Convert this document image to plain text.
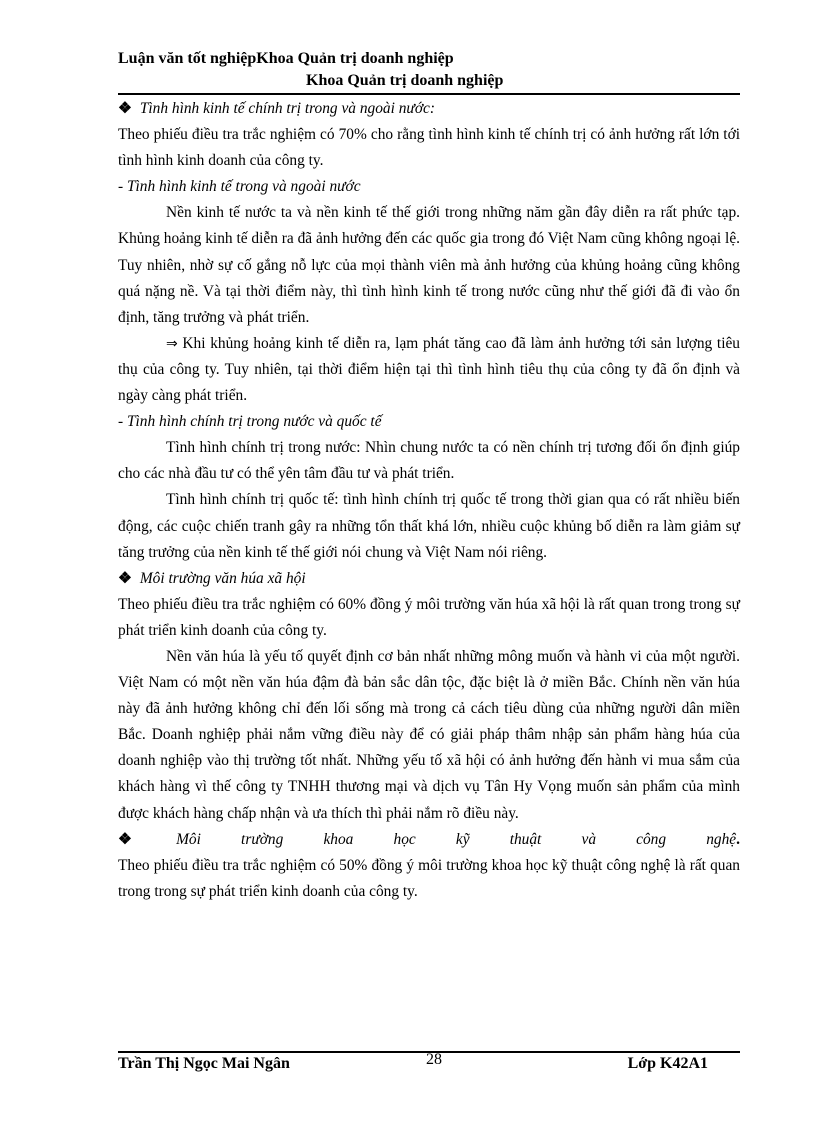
Luận văn tốt nghiệpKhoa Quản trị doanh nghiệp
Khoa Quản trị doanh nghiệp

❖ Tình hình kinh tế chính trị trong và ngoài nước:

Theo phiếu điều tra trắc nghiệm có 70% cho rằng tình hình kinh tế chính trị có ảnh hưởng rất lớn tới tình hình kinh doanh của công ty.

- Tình hình kinh tế trong và ngoài nước

Nền kinh tế nước ta và nền kinh tế thế giới trong những năm gần đây diễn ra rất phức tạp. Khủng hoảng kinh tế diễn ra đã ảnh hưởng đến các quốc gia trong đó Việt Nam cũng không ngoại lệ. Tuy nhiên, nhờ sự cố gắng nỗ lực của mọi thành viên mà ảnh hưởng của khủng hoảng cũng không quá nặng nề. Và tại thời điểm này, thì tình hình kinh tế trong nước cũng như thế giới đã đi vào ổn định, tăng trưởng và phát triển.

⇒ Khi khủng hoảng kinh tế diễn ra, lạm phát tăng cao đã làm ảnh hưởng tới sản lượng tiêu thụ của công ty. Tuy nhiên, tại thời điểm hiện tại thì tình hình tiêu thụ của công ty đã ổn định và ngày càng phát triển.

- Tình hình chính trị trong nước và quốc tế

Tình hình chính trị trong nước: Nhìn chung nước ta có nền chính trị tương đối ổn định giúp cho các nhà đầu tư có thể yên tâm đầu tư và phát triển.

Tình hình chính trị quốc tế: tình hình chính trị quốc tế trong thời gian qua có rất nhiều biến động, các cuộc chiến tranh gây ra những tổn thất khá lớn, nhiều cuộc khủng bố diễn ra làm giảm sự tăng trưởng của nền kinh tế thế giới nói chung và Việt Nam nói riêng.

❖ Môi trường văn húa xã hội

Theo phiếu điều tra trắc nghiệm có 60% đồng ý môi trường văn húa xã hội là rất quan trong trong sự phát triển kinh doanh của công ty.

Nền văn húa là yếu tố quyết định cơ bản nhất những mông muốn và hành vi của một người. Việt Nam có một nền văn húa đậm đà bản sắc dân tộc, đặc biệt là ở miền Bắc. Chính nền văn húa này đã ảnh hưởng không chỉ đến lối sống mà trong cả cách tiêu dùng của những người dân miền Bắc. Doanh nghiệp phải nắm vững điều này để có giải pháp thâm nhập sản phẩm hàng húa của doanh nghiệp vào thị trường tốt nhất. Những yếu tố xã hội có ảnh hưởng đến hành vi mua sắm của khách hàng vì thế công ty TNHH thương mại và dịch vụ Tân Hy Vọng muốn sản phẩm của mình được khách hàng chấp nhận và ưa thích thì phải nắm rõ điều này.

❖ Môi trường khoa học kỹ thuật và công nghệ.

Theo phiếu điều tra trắc nghiệm có 50% đồng ý môi trường khoa học kỹ thuật công nghệ là rất quan trong trong sự phát triển kinh doanh của công ty.

Trần Thị Ngọc Mai Ngân	28	Lớp K42A1
